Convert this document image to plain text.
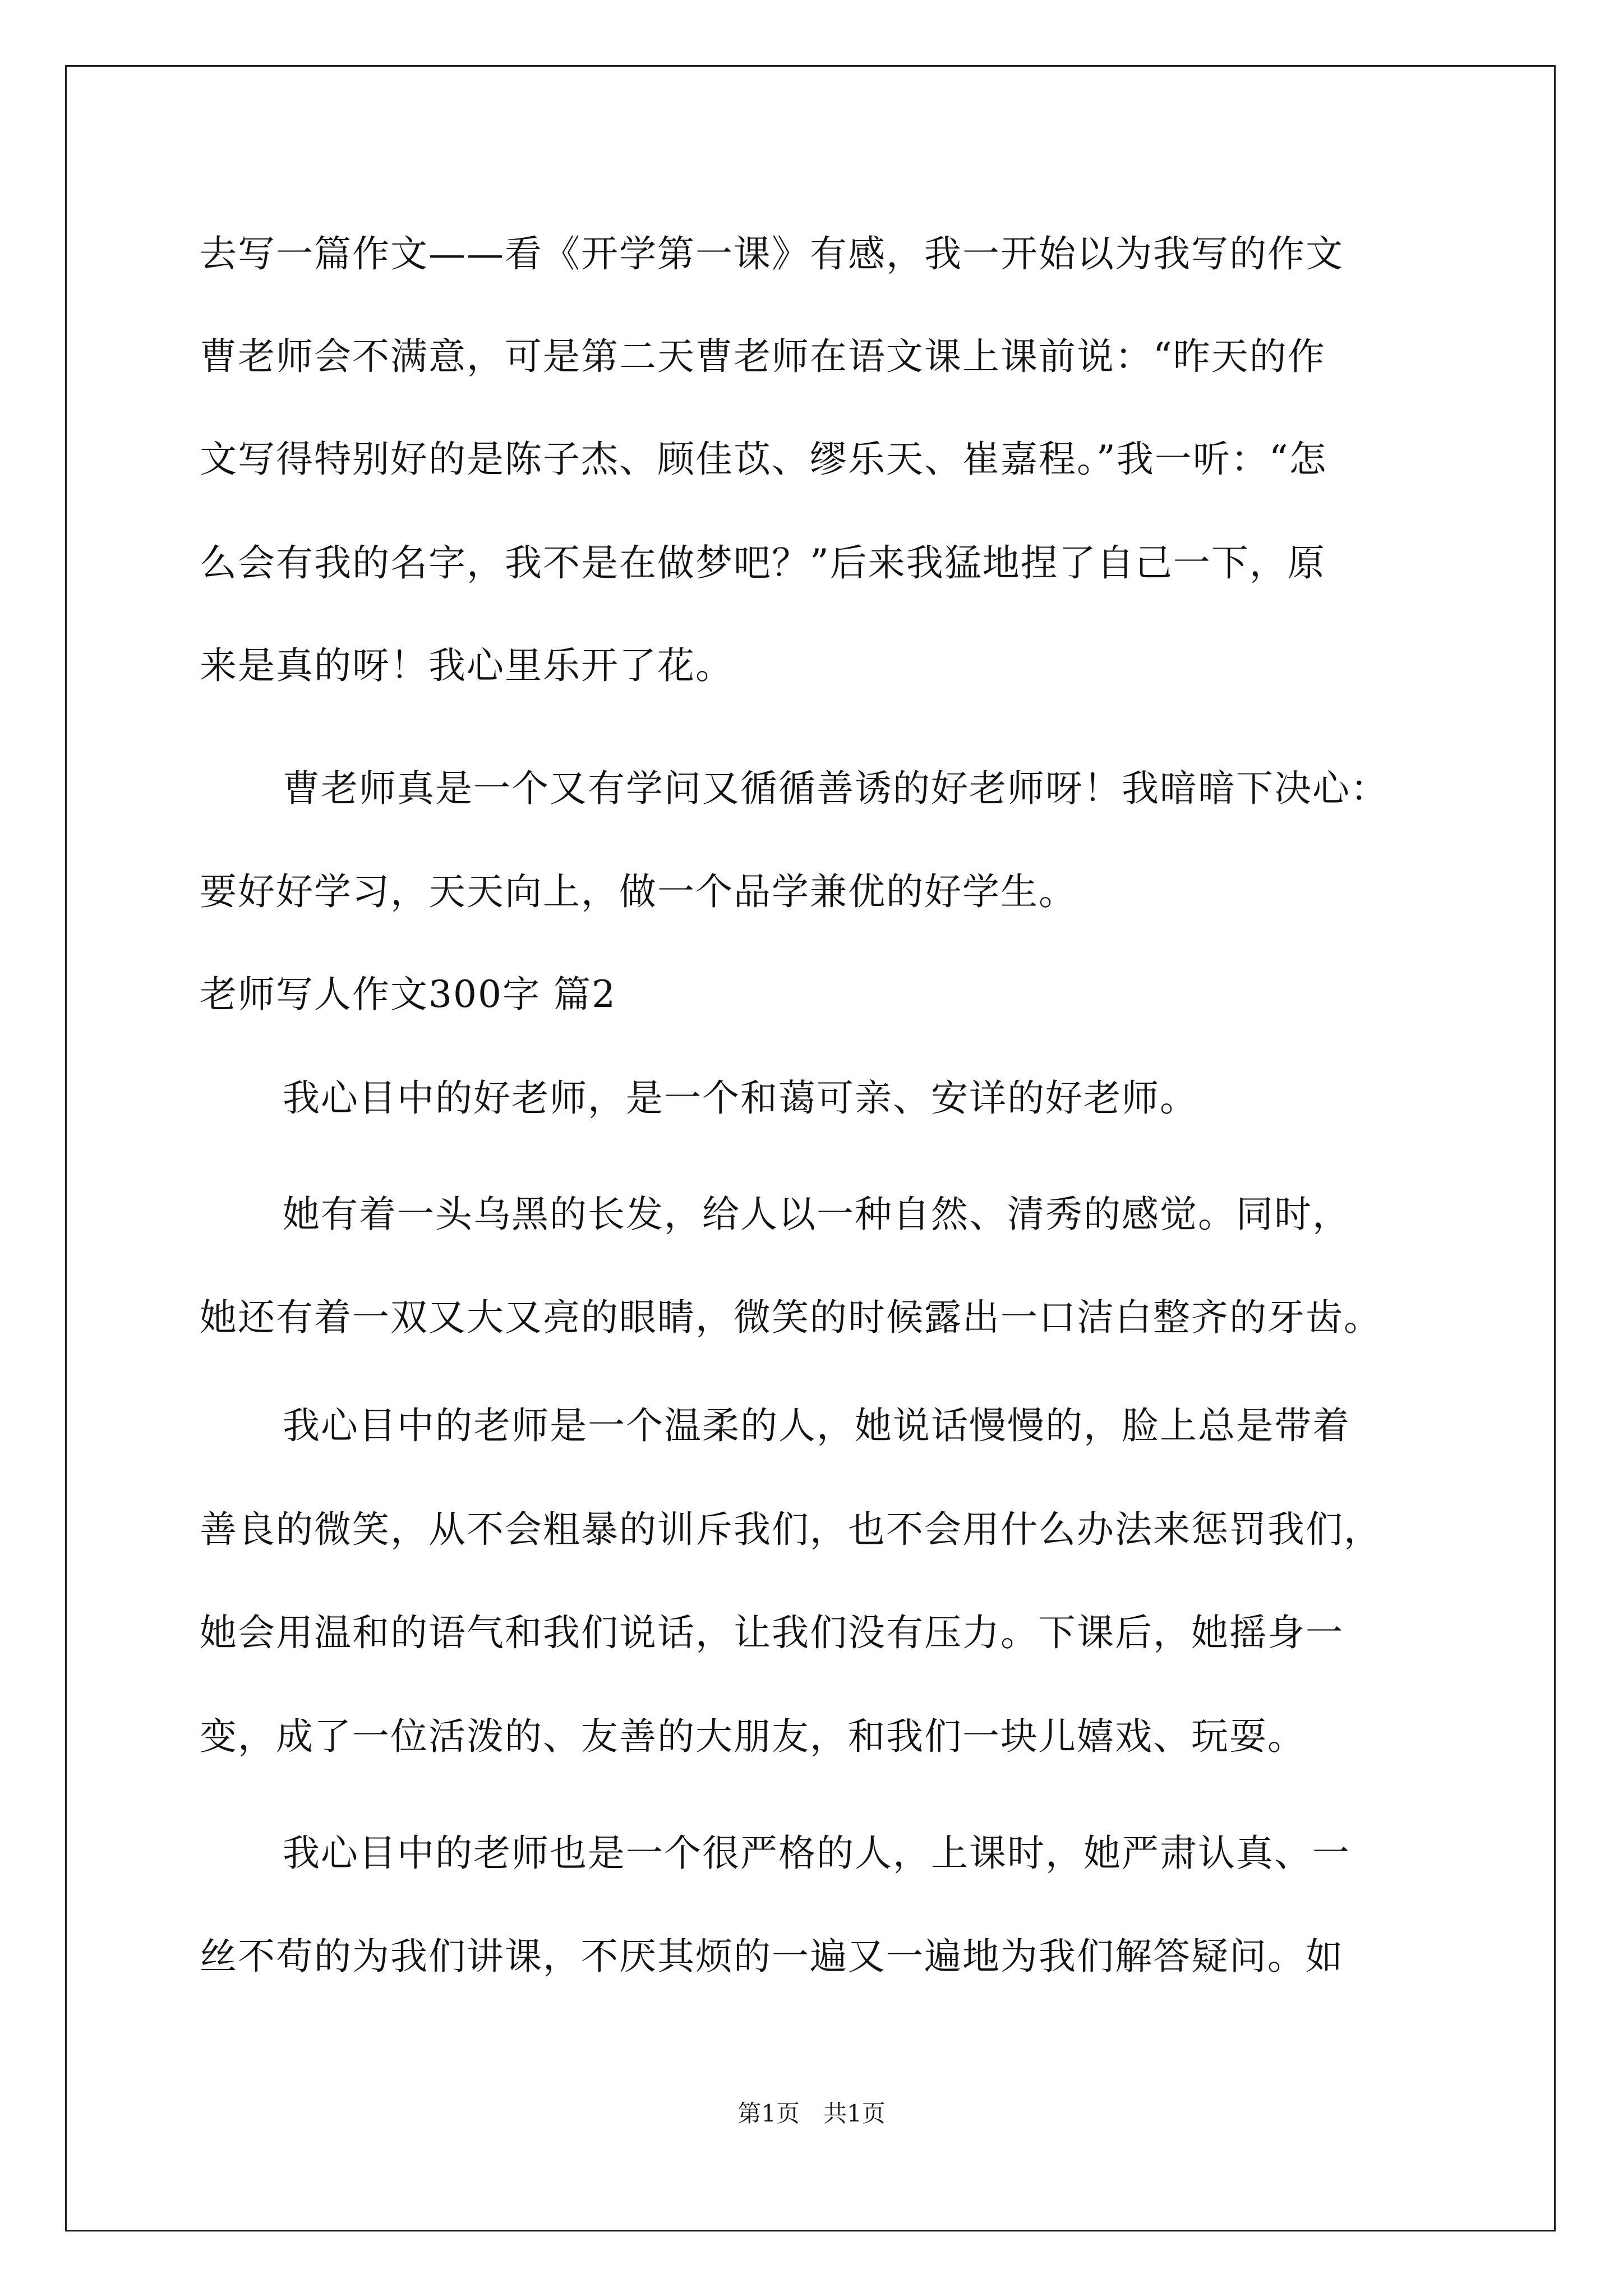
去写一篇作文——看《开学第一课》有感，我一开始以为我写的作文
曹老师会不满意，可是第二天曹老师在语文课上课前说：“昨天的作
文写得特别好的是陈子杰、顾佳苡、缪乐天、崔嘉程。”我一听：“怎
么会有我的名字，我不是在做梦吧？”后来我猛地捏了自己一下，原
来是真的呀！我心里乐开了花。
曹老师真是一个又有学问又循循善诱的好老师呀！我暗暗下决心：
要好好学习，天天向上，做一个品学兼优的好学生。
老师写人作文300字 篇2
我心目中的好老师，是一个和蔼可亲、安详的好老师。
她有着一头乌黑的长发，给人以一种自然、清秀的感觉。同时，
她还有着一双又大又亮的眼睛，微笑的时候露出一口洁白整齐的牙齿。
我心目中的老师是一个温柔的人，她说话慢慢的，脸上总是带着
善良的微笑，从不会粗暴的训斥我们，也不会用什么办法来惩罚我们，
她会用温和的语气和我们说话，让我们没有压力。下课后，她摇身一
变，成了一位活泼的、友善的大朋友，和我们一块儿嬉戏、玩耍。
我心目中的老师也是一个很严格的人，上课时，她严肃认真、一
丝不苟的为我们讲课，不厌其烦的一遍又一遍地为我们解答疑问。如
第1页　共1页
